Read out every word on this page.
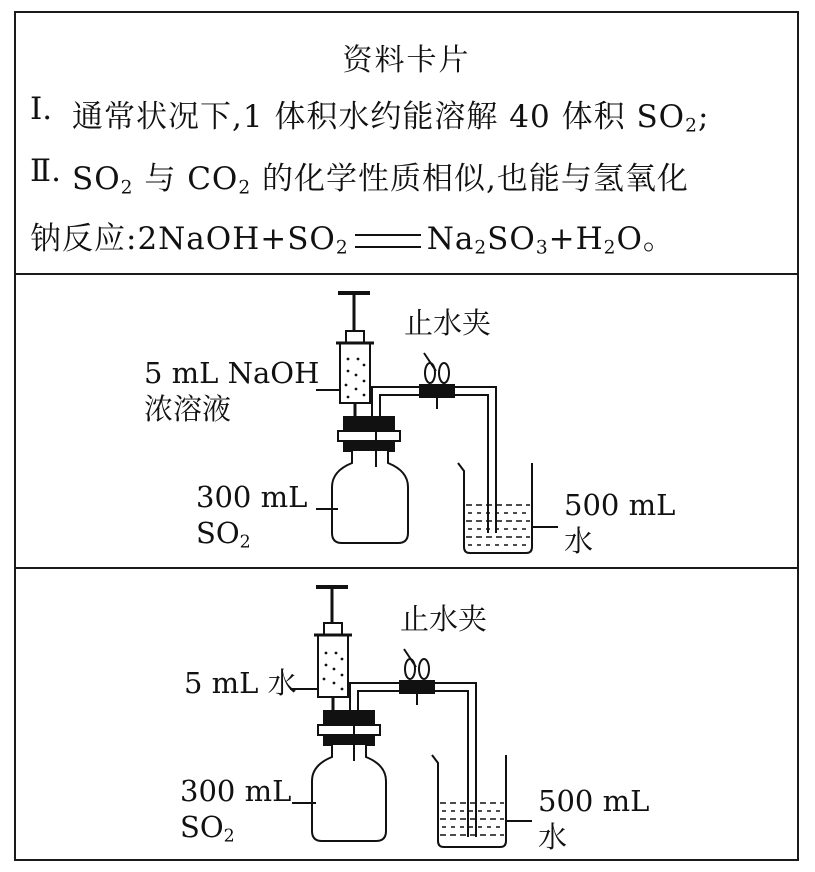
资料卡片
Ⅰ. 通常状况下,1 体积水约能溶解 40 体积 $SO_2$;
Ⅱ. $SO_2$ 与 $CO_2$ 的化学性质相似,也能与氢氧化
钠反应$:2NaOH+SO_2$	$Na_2SO_3+H_2O$。
止水夹
5 mL NaOH
浓溶液
300 mL
$SO_2$
500 mL
水
止水夹
5 mL 水
300 mL
$SO_2$
500 mL
水
